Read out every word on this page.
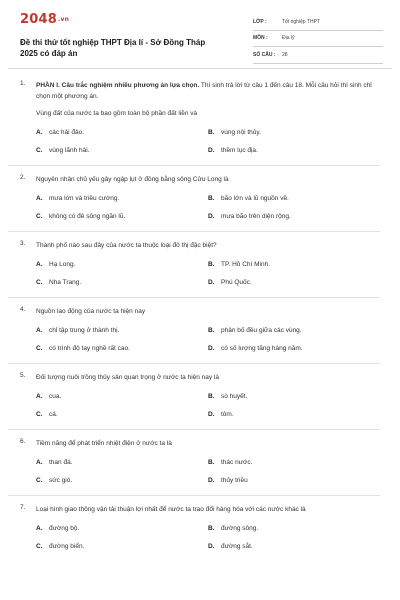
2048.vn
Đề thi thử tốt nghiệp THPT Địa lí - Sở Đồng Tháp 2025 có đáp án
LỚP :	Tốt nghiệp THPT
MÔN :	Địa lý
SỐ CÂU :	28
1. PHẦN I. Câu trắc nghiệm nhiều phương án lựa chọn. Thí sinh trả lời từ câu 1 đến câu 18. Mỗi câu hỏi thí sinh chỉ chọn một phương án.
Vùng đất của nước ta bao gồm toàn bộ phần đất liền và
A. các hải đảo.	B. vùng nội thủy.
C. vùng lãnh hải.	D. thềm lục địa.
2. Nguyên nhân chủ yếu gây ngập lụt ở đồng bằng sông Cửu Long là
A. mưa lớn và triều cường.	B. bão lớn và lũ nguồn về.
C. không có đê sông ngăn lũ.	D. mưa bão trên diện rộng.
3. Thành phố nào sau đây của nước ta thuộc loại đô thị đặc biệt?
A. Hạ Long.	B. TP. Hồ Chí Minh.
C. Nha Trang.	D. Phú Quốc.
4. Nguồn lao động của nước ta hiện nay
A. chỉ tập trung ở thành thị.	B. phân bố đều giữa các vùng.
C. có trình độ tay nghề rất cao.	D. có số lượng tăng hàng năm.
5. Đối tượng nuôi trồng thủy sản quan trọng ở nước ta hiện nay là
A. cua.	B. sò huyết.
C. cá.	D. tôm.
6. Tiềm năng để phát triển nhiệt điện ở nước ta là
A. than đá.	B. thác nước.
C. sức gió.	D. thủy triều
7. Loại hình giao thông vận tải thuận lợi nhất để nước ta trao đổi hàng hóa với các nước khác là
A. đường bộ.	B. đường sông.
C. đường biển.	D. đường sắt.
